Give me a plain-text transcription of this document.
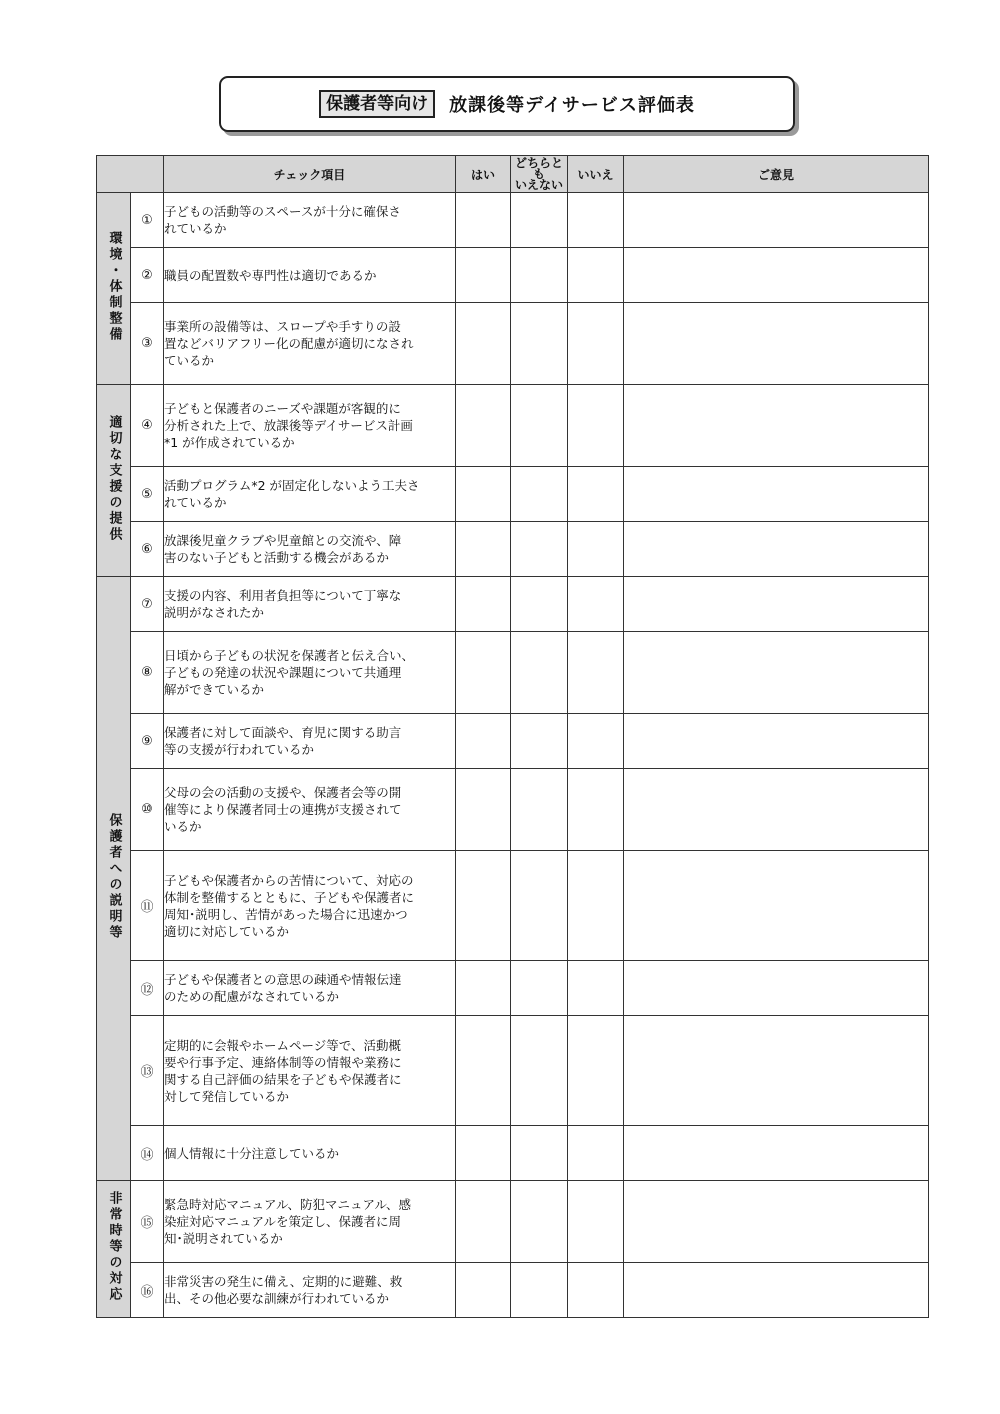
保護者等向け	放課後等デイサービス評価表
		チェック項目	はい	どちらとも
いえない	いいえ	ご意見
環境・体制整備	①	子どもの活動等のスペースが十分に確保さ
れているか				
	②	職員の配置数や専門性は適切であるか				
	③	事業所の設備等は、スロープや手すりの設
置などバリアフリー化の配慮が適切になされ
ているか				
適切な支援の提供	④	子どもと保護者のニーズや課題が客観的に
分析された上で、放課後等デイサービス計画
*1 が作成されているか				
	⑤	活動プログラム*2 が固定化しないよう工夫さ
れているか				
	⑥	放課後児童クラブや児童館との交流や、障
害のない子どもと活動する機会があるか				
保護者への説明等	⑦	支援の内容、利用者負担等について丁寧な
説明がなされたか				
	⑧	日頃から子どもの状況を保護者と伝え合い、
子どもの発達の状況や課題について共通理
解ができているか				
	⑨	保護者に対して面談や、育児に関する助言
等の支援が行われているか				
	⑩	父母の会の活動の支援や、保護者会等の開
催等により保護者同士の連携が支援されて
いるか				
	⑪	子どもや保護者からの苦情について、対応の
体制を整備するとともに、子どもや保護者に
周知･説明し、苦情があった場合に迅速かつ
適切に対応しているか				
	⑫	子どもや保護者との意思の疎通や情報伝達
のための配慮がなされているか				
	⑬	定期的に会報やホームページ等で、活動概
要や行事予定、連絡体制等の情報や業務に
関する自己評価の結果を子どもや保護者に
対して発信しているか				
	⑭	個人情報に十分注意しているか				
非常時等の対応	⑮	緊急時対応マニュアル、防犯マニュアル、感
染症対応マニュアルを策定し、保護者に周
知･説明されているか				
	⑯	非常災害の発生に備え、定期的に避難、救
出、その他必要な訓練が行われているか				
